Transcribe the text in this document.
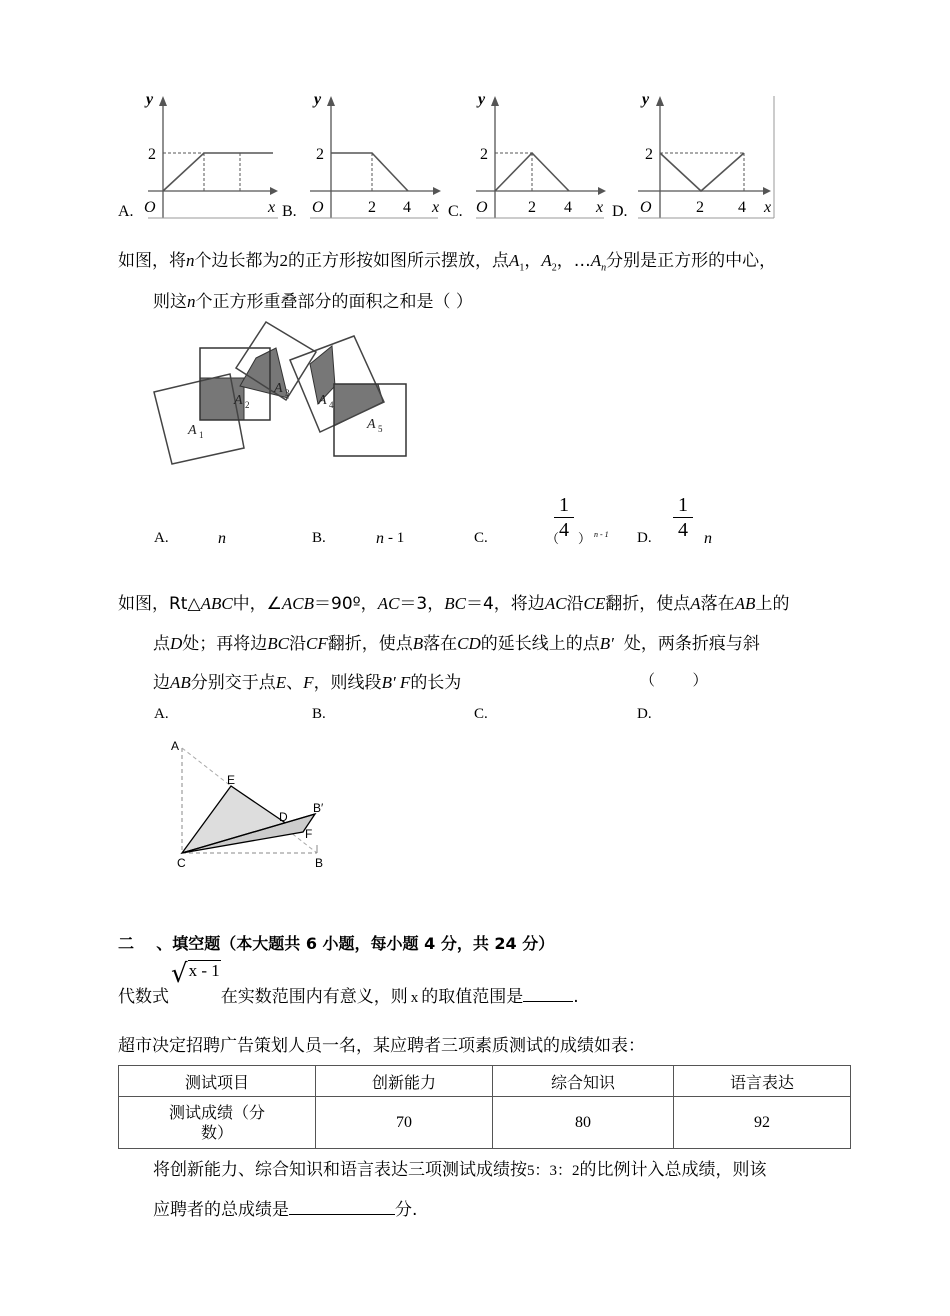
A.
y
x
O
2
B.
y
x
O
2
2 4 C.
y
x
O
2
2 4	D.
y
x
O
2
2 4
如图，将n个边长都为2的正方形按如图所示摆放，点$A_1$，$A_2$，$\dots A_n$分别是正方形的中心，
则这n个正方形重叠部分的面积之和是（ ）
A 1
A 2
A 3 A 4
A 5
A.	n	B.	n - 1	C.	（
1
4 ） n - 1 D.
1
4	n
如图，Rt△ABC中，∠ACB＝90º，AC＝3，BC＝4，将边AC沿CE翻折，使点A落在AB上的
点D处；再将边BC沿CF翻折，使点B落在CD的延长线上的点B′ 处，两条折痕与斜
边AB分别交于点E、F，则线段B′ F的长为	（          ）
A.	B.	C.	D.
A
E
D
B′
F
C	B
二    、填空题（本大题共 6 小题，每小题 4 分，共 24 分）
代数式√x - 1在实数范围内有意义，则 x 的取值范围是	.
超市决定招聘广告策划人员一名，某应聘者三项素质测试的成绩如表：
测试项目	创新能力	综合知识	语言表达
测试成绩（分
数）	70	80	92
将创新能力、综合知识和语言表达三项测试成绩按5：3：2的比例计入总成绩，则该
应聘者的总成绩是	分.
